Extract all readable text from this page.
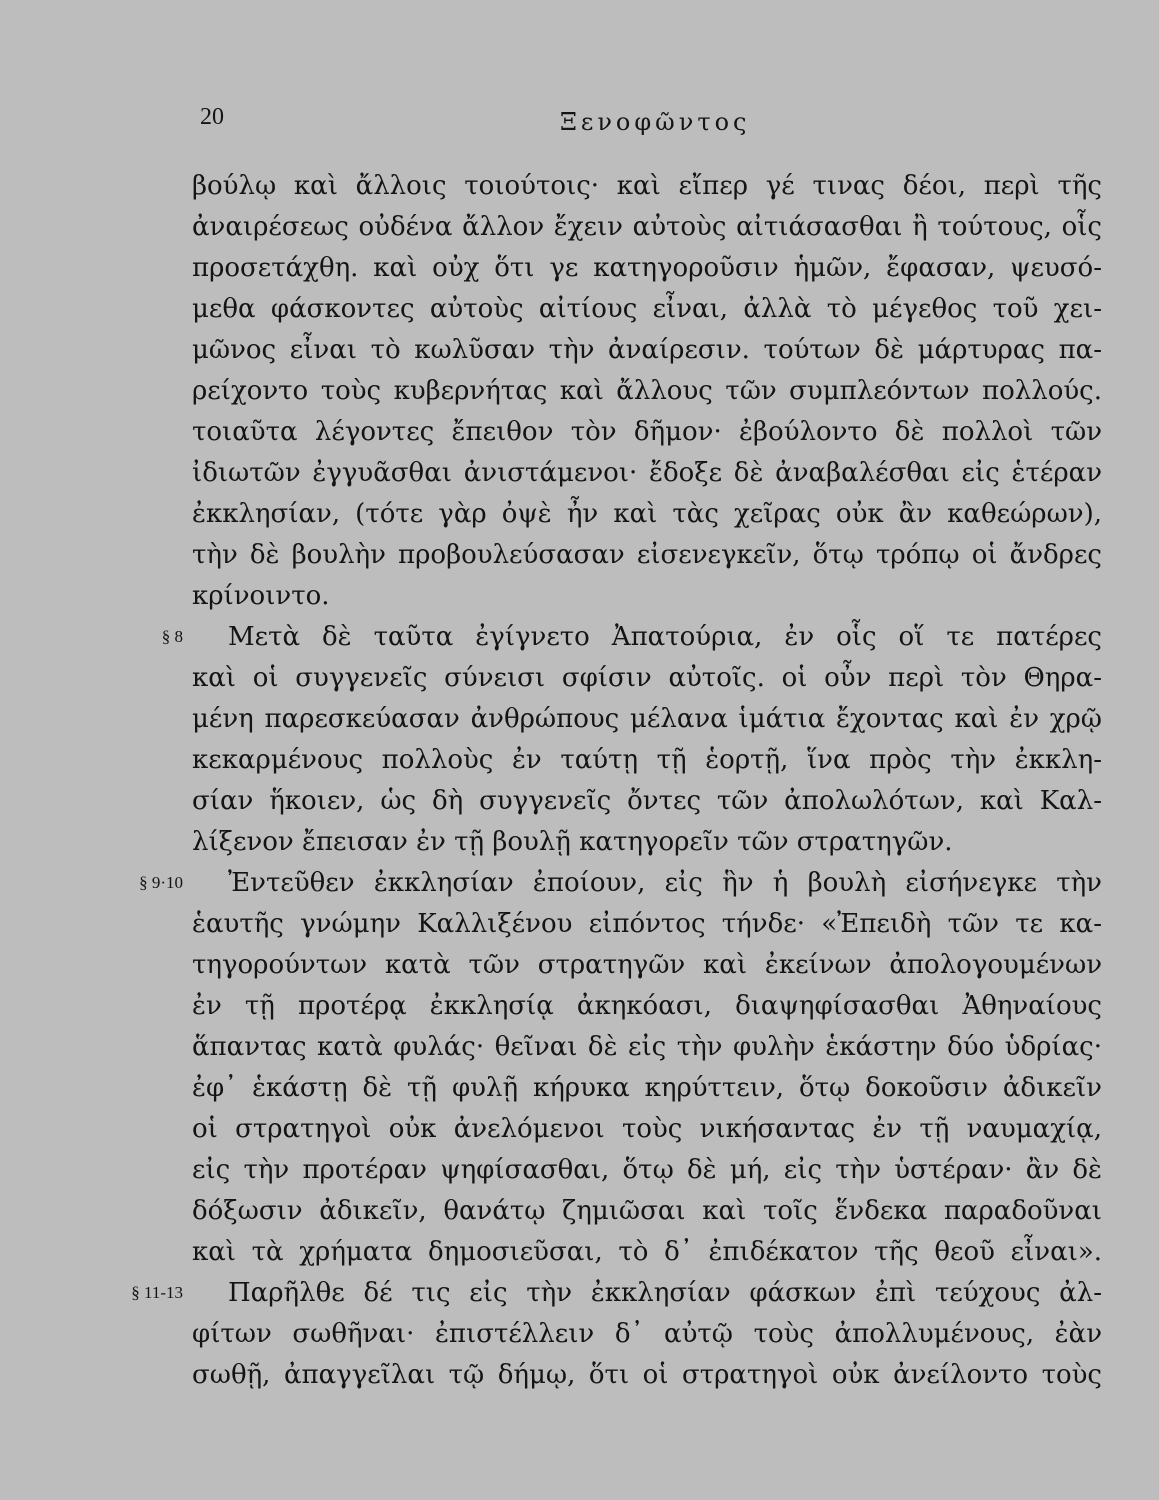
20	Ξενοφῶντος
βούλῳ καὶ ἄλλοις τοιούτοις· καὶ εἴπερ γέ τινας δέοι, περὶ τῆς
ἀναιρέσεως οὐδένα ἄλλον ἔχειν αὐτοὺς αἰτιάσασθαι ἢ τούτους, οἷς
προσετάχθη. καὶ οὐχ ὅτι γε κατηγοροῦσιν ἡμῶν, ἔφασαν, ψευσό-
μεθα φάσκοντες αὐτοὺς αἰτίους εἶναι, ἀλλὰ τὸ μέγεθος τοῦ χει-
μῶνος εἶναι τὸ κωλῦσαν τὴν ἀναίρεσιν. τούτων δὲ μάρτυρας πα-
ρείχοντο τοὺς κυβερνήτας καὶ ἄλλους τῶν συμπλεόντων πολλούς.
τοιαῦτα λέγοντες ἔπειθον τὸν δῆμον· ἐβούλοντο δὲ πολλοὶ τῶν
ἰδιωτῶν ἐγγυᾶσθαι ἀνιστάμενοι· ἔδοξε δὲ ἀναβαλέσθαι εἰς ἑτέραν
ἐκκλησίαν, (τότε γὰρ ὀψὲ ἦν καὶ τὰς χεῖρας οὐκ ἂν καθεώρων),
τὴν δὲ βουλὴν προβουλεύσασαν εἰσενεγκεῖν, ὅτῳ τρόπῳ οἱ ἄνδρες
κρίνοιντο.
§ 8 Μετὰ δὲ ταῦτα ἐγίγνετο Ἀπατούρια, ἐν οἷς οἵ τε πατέρες
καὶ οἱ συγγενεῖς σύνεισι σφίσιν αὐτοῖς. οἱ οὖν περὶ τὸν Θηρα-
μένη παρεσκεύασαν ἀνθρώπους μέλανα ἱμάτια ἔχοντας καὶ ἐν χρῷ
κεκαρμένους πολλοὺς ἐν ταύτῃ τῇ ἑορτῇ, ἵνα πρὸς τὴν ἐκκλη-
σίαν ἥκοιεν, ὡς δὴ συγγενεῖς ὄντες τῶν ἀπολωλότων, καὶ Καλ-
λίξενον ἔπεισαν ἐν τῇ βουλῇ κατηγορεῖν τῶν στρατηγῶν.
§ 9·10 Ἐντεῦθεν ἐκκλησίαν ἐποίουν, εἰς ἣν ἡ βουλὴ εἰσήνεγκε τὴν
ἑαυτῆς γνώμην Καλλιξένου εἰπόντος τήνδε· «Ἐπειδὴ τῶν τε κα-
τηγορούντων κατὰ τῶν στρατηγῶν καὶ ἐκείνων ἀπολογουμένων
ἐν τῇ προτέρᾳ ἐκκλησίᾳ ἀκηκόασι, διαψηφίσασθαι Ἀθηναίους
ἅπαντας κατὰ φυλάς· θεῖναι δὲ εἰς τὴν φυλὴν ἑκάστην δύο ὑδρίας·
ἐφ᾽ ἑκάστῃ δὲ τῇ φυλῇ κήρυκα κηρύττειν, ὅτῳ δοκοῦσιν ἀδικεῖν
οἱ στρατηγοὶ οὐκ ἀνελόμενοι τοὺς νικήσαντας ἐν τῇ ναυμαχίᾳ,
εἰς τὴν προτέραν ψηφίσασθαι, ὅτῳ δὲ μή, εἰς τὴν ὑστέραν· ἂν δὲ
δόξωσιν ἀδικεῖν, θανάτῳ ζημιῶσαι καὶ τοῖς ἕνδεκα παραδοῦναι
καὶ τὰ χρήματα δημοσιεῦσαι, τὸ δ᾽ ἐπιδέκατον τῆς θεοῦ εἶναι».
§ 11-13 Παρῆλθε δέ τις εἰς τὴν ἐκκλησίαν φάσκων ἐπὶ τεύχους ἀλ-
φίτων σωθῆναι· ἐπιστέλλειν δ᾽ αὐτῷ τοὺς ἀπολλυμένους, ἐὰν
σωθῇ, ἀπαγγεῖλαι τῷ δήμῳ, ὅτι οἱ στρατηγοὶ οὐκ ἀνείλοντο τοὺς
